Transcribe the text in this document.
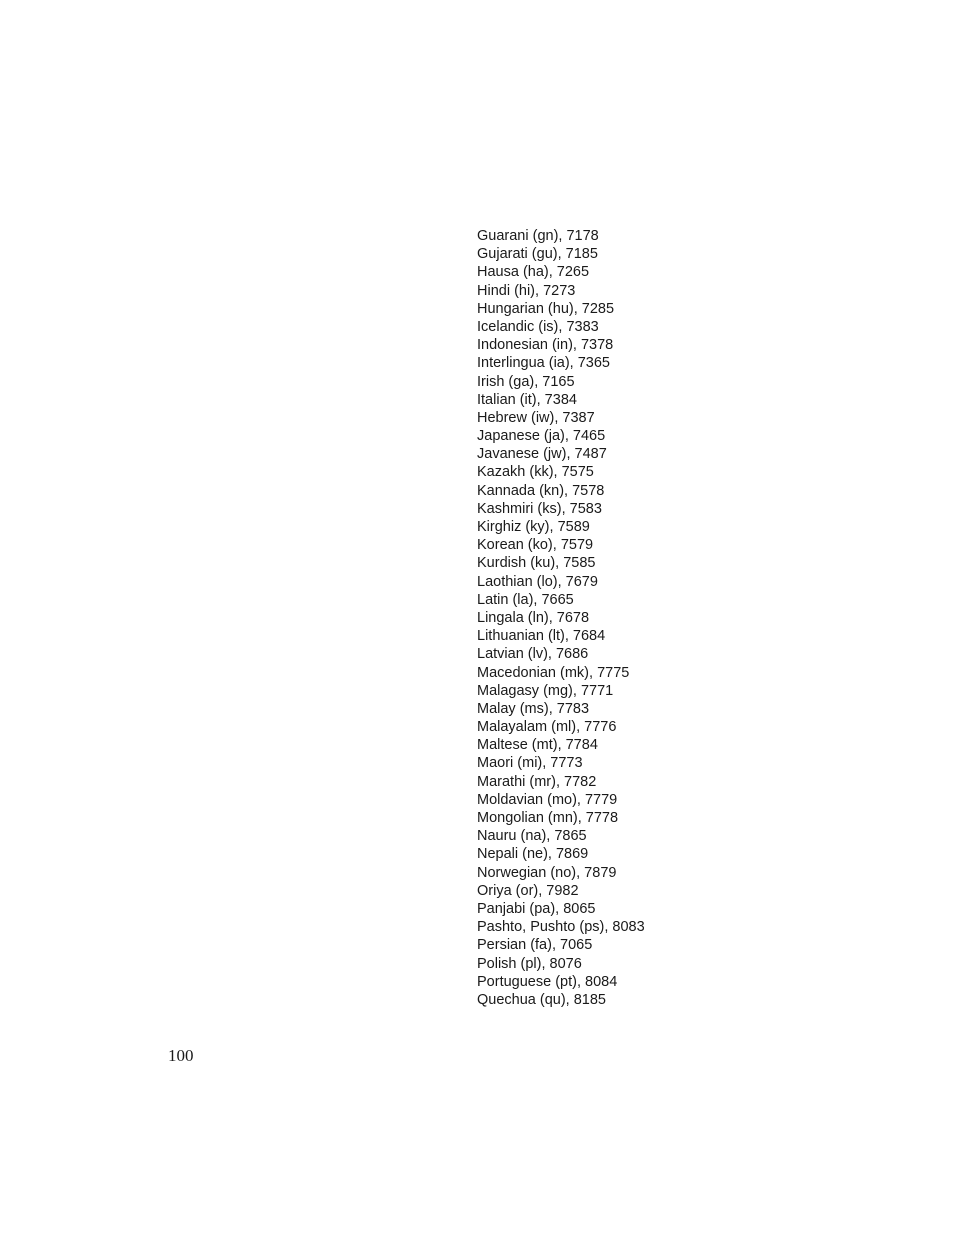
Guarani (gn), 7178
Gujarati (gu), 7185
Hausa (ha), 7265
Hindi (hi), 7273
Hungarian (hu), 7285
Icelandic (is), 7383
Indonesian (in), 7378
Interlingua (ia), 7365
Irish (ga), 7165
Italian (it), 7384
Hebrew (iw), 7387
Japanese (ja), 7465
Javanese (jw), 7487
Kazakh (kk), 7575
Kannada (kn), 7578
Kashmiri (ks), 7583
Kirghiz (ky), 7589
Korean (ko), 7579
Kurdish (ku), 7585
Laothian (lo), 7679
Latin (la), 7665
Lingala (ln), 7678
Lithuanian (lt), 7684
Latvian (lv), 7686
Macedonian (mk), 7775
Malagasy (mg), 7771
Malay (ms), 7783
Malayalam (ml), 7776
Maltese (mt), 7784
Maori (mi), 7773
Marathi (mr), 7782
Moldavian (mo), 7779
Mongolian (mn), 7778
Nauru (na), 7865
Nepali (ne), 7869
Norwegian (no), 7879
Oriya (or), 7982
Panjabi (pa), 8065
Pashto, Pushto (ps), 8083
Persian (fa), 7065
Polish (pl), 8076
Portuguese (pt), 8084
Quechua (qu), 8185
100
